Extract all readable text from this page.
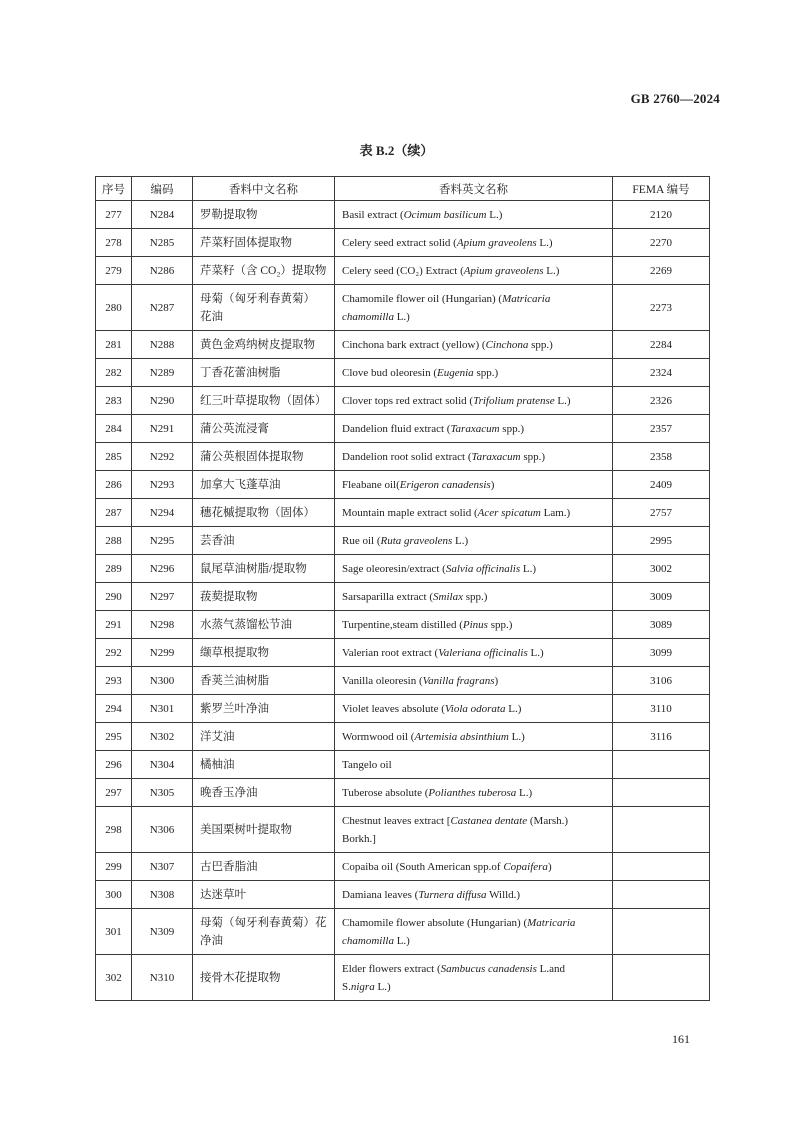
GB 2760—2024
表 B.2（续）
序号	编码	香料中文名称	香料英文名称	FEMA 编号
277	N284	罗勒提取物	Basil extract (Ocimum basilicum L.)	2120
278	N285	芹菜籽固体提取物	Celery seed extract solid (Apium graveolens L.)	2270
279	N286	芹菜籽（含 CO₂）提取物	Celery seed (CO₂) Extract (Apium graveolens L.)	2269
280	N287	母菊（匈牙利春黄菊）
花油	Chamomile flower oil (Hungarian) (Matricaria
chamomilla L.)	2273
281	N288	黄色金鸡纳树皮提取物	Cinchona bark extract (yellow) (Cinchona spp.)	2284
282	N289	丁香花蕾油树脂	Clove bud oleoresin (Eugenia spp.)	2324
283	N290	红三叶草提取物（固体）	Clover tops red extract solid (Trifolium pratense L.)	2326
284	N291	蒲公英流浸膏	Dandelion fluid extract (Taraxacum spp.)	2357
285	N292	蒲公英根固体提取物	Dandelion root solid extract (Taraxacum spp.)	2358
286	N293	加拿大飞蓬草油	Fleabane oil(Erigeron canadensis)	2409
287	N294	穗花槭提取物（固体）	Mountain maple extract solid (Acer spicatum Lam.)	2757
288	N295	芸香油	Rue oil (Ruta graveolens L.)	2995
289	N296	鼠尾草油树脂/提取物	Sage oleoresin/extract (Salvia officinalis L.)	3002
290	N297	菝葜提取物	Sarsaparilla extract (Smilax spp.)	3009
291	N298	水蒸气蒸馏松节油	Turpentine,steam distilled (Pinus spp.)	3089
292	N299	缬草根提取物	Valerian root extract (Valeriana officinalis L.)	3099
293	N300	香荚兰油树脂	Vanilla oleoresin (Vanilla fragrans)	3106
294	N301	紫罗兰叶净油	Violet leaves absolute (Viola odorata L.)	3110
295	N302	洋艾油	Wormwood oil (Artemisia absinthium L.)	3116
296	N304	橘柚油	Tangelo oil	
297	N305	晚香玉净油	Tuberose absolute (Polianthes tuberosa L.)	
298	N306	美国栗树叶提取物	Chestnut leaves extract [Castanea dentate (Marsh.)
Borkh.]	
299	N307	古巴香脂油	Copaiba oil (South American spp.of Copaifera)	
300	N308	达迷草叶	Damiana leaves (Turnera diffusa Willd.)	
301	N309	母菊（匈牙利春黄菊）花
净油	Chamomile flower absolute (Hungarian) (Matricaria
chamomilla L.)	
302	N310	接骨木花提取物	Elder flowers extract (Sambucus canadensis L.and
S.nigra L.)	
161
